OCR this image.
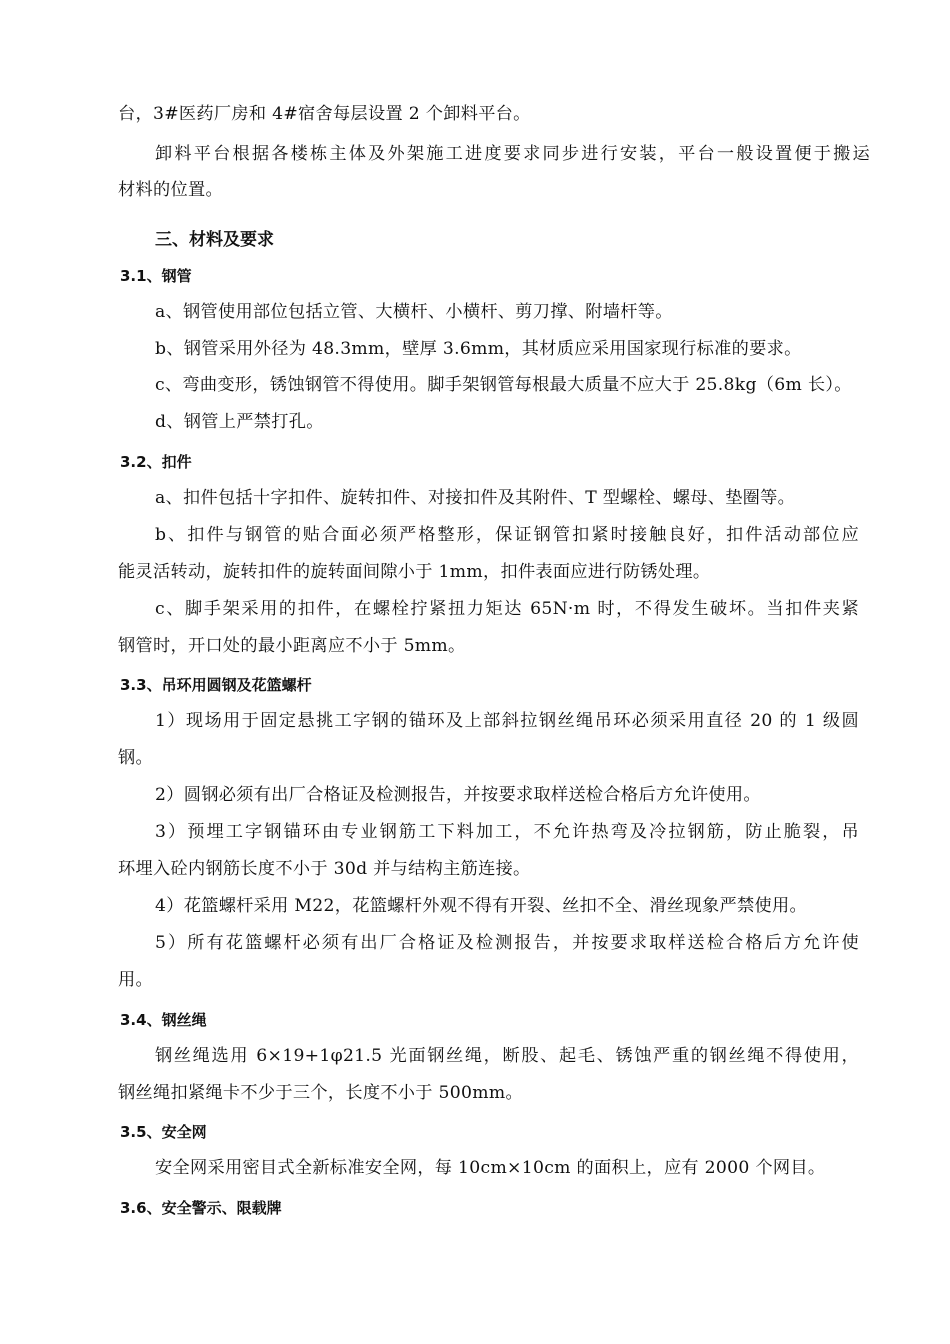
台，3#医药厂房和 4#宿舍每层设置 2 个卸料平台。
卸料平台根据各楼栋主体及外架施工进度要求同步进行安装，平台一般设置便于搬运
材料的位置。
三、材料及要求
3.1、钢管
a、钢管使用部位包括立管、大横杆、小横杆、剪刀撑、附墙杆等。
b、钢管采用外径为 48.3mm，壁厚 3.6mm，其材质应采用国家现行标准的要求。
c、弯曲变形，锈蚀钢管不得使用。脚手架钢管每根最大质量不应大于 25.8kg（6m 长）。
d、钢管上严禁打孔。
3.2、扣件
a、扣件包括十字扣件、旋转扣件、对接扣件及其附件、T 型螺栓、螺母、垫圈等。
b、扣件与钢管的贴合面必须严格整形，保证钢管扣紧时接触良好，扣件活动部位应
能灵活转动，旋转扣件的旋转面间隙小于 1mm，扣件表面应进行防锈处理。
c、脚手架采用的扣件，在螺栓拧紧扭力矩达 65N·m 时，不得发生破坏。当扣件夹紧
钢管时，开口处的最小距离应不小于 5mm。
3.3、吊环用圆钢及花篮螺杆
1）现场用于固定悬挑工字钢的锚环及上部斜拉钢丝绳吊环必须采用直径 20 的 1 级圆
钢。
2）圆钢必须有出厂合格证及检测报告，并按要求取样送检合格后方允许使用。
3）预埋工字钢锚环由专业钢筋工下料加工，不允许热弯及冷拉钢筋，防止脆裂，吊
环埋入砼内钢筋长度不小于 30d 并与结构主筋连接。
4）花篮螺杆采用 M22，花篮螺杆外观不得有开裂、丝扣不全、滑丝现象严禁使用。
5）所有花篮螺杆必须有出厂合格证及检测报告，并按要求取样送检合格后方允许使
用。
3.4、钢丝绳
钢丝绳选用 6×19+1φ21.5 光面钢丝绳，断股、起毛、锈蚀严重的钢丝绳不得使用，
钢丝绳扣紧绳卡不少于三个，长度不小于 500mm。
3.5、安全网
安全网采用密目式全新标准安全网，每 10cm×10cm 的面积上，应有 2000 个网目。
3.6、安全警示、限载牌
